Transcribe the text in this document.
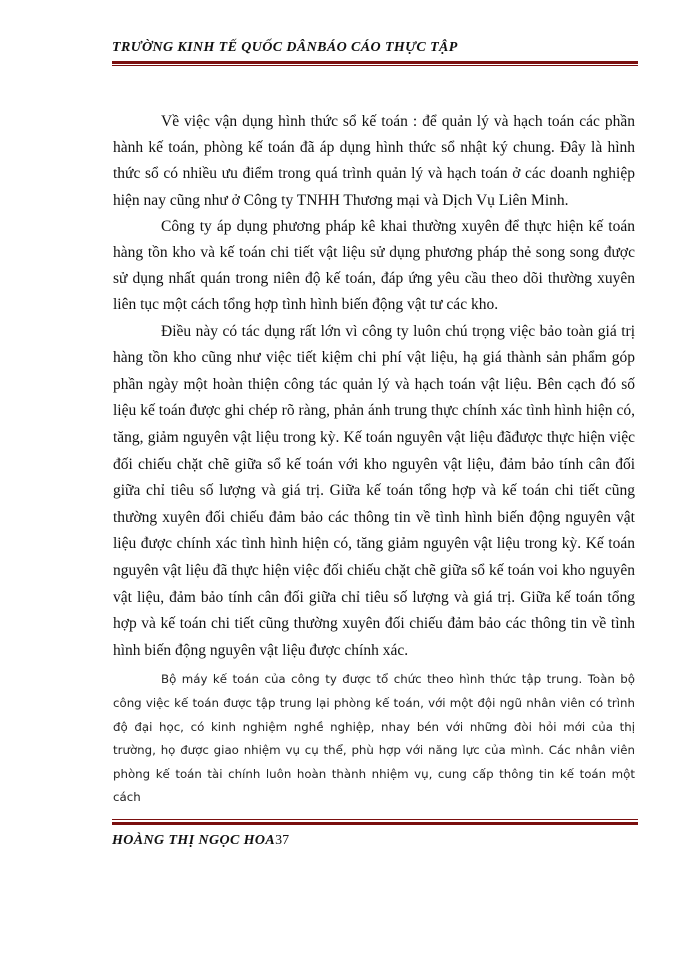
TRƯỜNG KINH TẾ QUỐC DÂNBÁO CÁO THỰC TẬP

Về việc vận dụng hình thức sổ kế toán : để quản lý và hạch toán các phần hành kế toán, phòng kế toán đã áp dụng hình thức sổ nhật ký chung. Đây là hình thức sổ có nhiều ưu điểm trong quá trình quản lý và hạch toán ở các doanh nghiệp hiện nay cũng như ở Công ty TNHH Thương mại và Dịch Vụ Liên Minh.

Công ty áp dụng phương pháp kê khai thường xuyên để thực hiện kế toán hàng tồn kho và kế toán chi tiết vật liệu sử dụng phương pháp thẻ song song được sử dụng nhất quán trong niên độ kế toán, đáp ứng yêu cầu theo dõi thường xuyên liên tục một cách tổng hợp tình hình biến động vật tư các kho.

Điều này có tác dụng rất lớn vì công ty luôn chú trọng việc bảo toàn giá trị hàng tồn kho cũng như việc tiết kiệm chi phí vật liệu, hạ giá thành sản phẩm góp phần ngày một hoàn thiện công tác quản lý và hạch toán vật liệu. Bên cạch đó số liệu kế toán được ghi chép rõ ràng, phản ánh trung thực chính xác tình hình hiện có, tăng, giảm nguyên vật liệu trong kỳ. Kế toán nguyên vật liệu đãđược thực hiện việc đối chiếu chặt chẽ giữa sổ kế toán với kho nguyên vật liệu, đảm bảo tính cân đối giữa chỉ tiêu số lượng và giá trị. Giữa kế toán tổng hợp và kế toán chi tiết cũng thường xuyên đối chiếu đảm bảo các thông tin về tình hình biến động nguyên vật liệu được chính xác tình hình hiện có, tăng giảm nguyên vật liệu trong kỳ. Kế toán nguyên vật liệu đã thực hiện việc đối chiếu chặt chẽ giữa sổ kế toán voi kho nguyên vật liệu, đảm bảo tính cân đối giữa chỉ tiêu số lượng và giá trị. Giữa kế toán tổng hợp và kế toán chi tiết cũng thường xuyên đối chiếu đảm bảo các thông tin về tình hình biến động nguyên vật liệu được chính xác.

Bộ máy kế toán của công ty được tổ chức theo hình thức tập trung. Toàn bộ công việc kế toán được tập trung lại phòng kế toán, với một đội ngũ nhân viên có trình độ đại học, có kinh nghiệm nghề nghiệp, nhay bén với những đòi hỏi mới của thị trường, họ được giao nhiệm vụ cụ thể, phù hợp với năng lực của mình. Các nhân viên phòng kế toán tài chính luôn hoàn thành nhiệm vụ, cung cấp thông tin kế toán một cách

HOÀNG THỊ NGỌC HOA37
